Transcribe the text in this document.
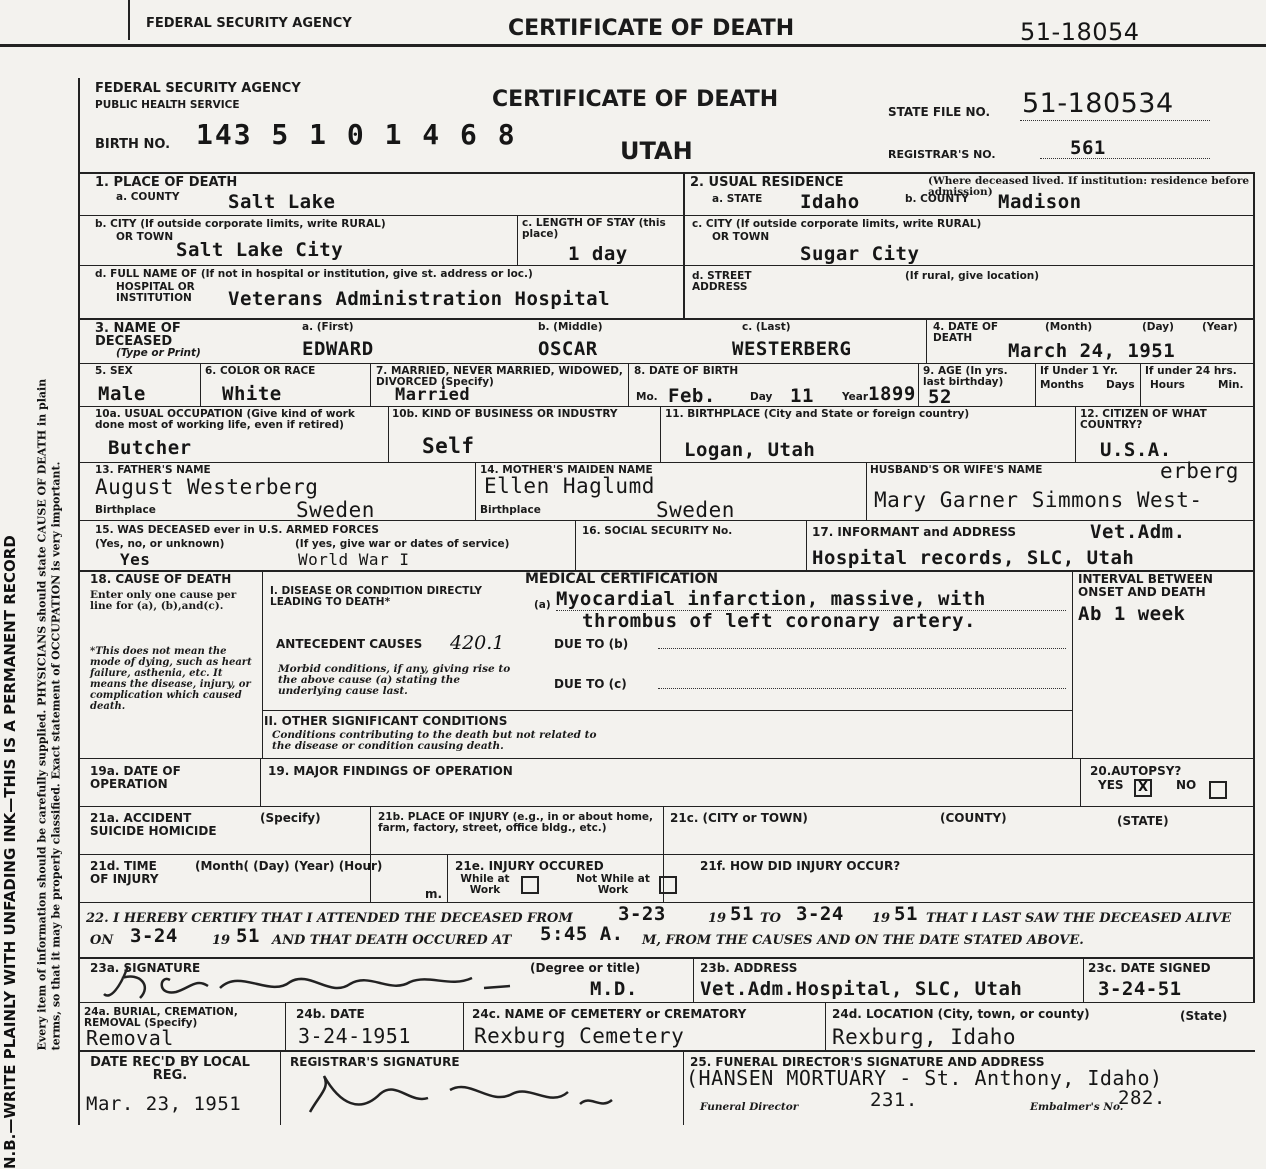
FEDERAL SECURITY AGENCY	CERTIFICATE OF DEATH	51-18054
N.B.—WRITE PLAINLY WITH UNFADING INK—THIS IS A PERMANENT RECORD Every item of information should be carefully supplied. PHYSICIANS should state CAUSE OF DEATH in plain terms, so that it may be properly classified. Exact statement of OCCUPATION is very important.
FEDERAL SECURITY AGENCY
PUBLIC HEALTH SERVICE	CERTIFICATE OF DEATH	STATE FILE NO. 51-180534
BIRTH NO. 143 5 1 0 1 4 6 8	UTAH	REGISTRAR'S NO.	561
1. PLACE OF DEATH
a. COUNTY	Salt Lake
b. CITY (If outside corporate limits, write RURAL)
OR TOWN
Salt Lake City
c. LENGTH OF STAY (this place)
1 day
d. FULL NAME OF (If not in hospital or institution, give st. address or loc.)
HOSPITAL OR INSTITUTION	Veterans Administration Hospital
2. USUAL RESIDENCE	(Where deceased lived. If institution: residence before admission)
a. STATE Idaho	b. COUNTY Madison
c. CITY (If outside corporate limits, write RURAL)
OR TOWN
Sugar City
d. STREET ADDRESS
(If rural, give location)
3. NAME OF DECEASED
(Type or Print)
a. (First)
EDWARD
b. (Middle)
OSCAR
c. (Last)
WESTERBERG
4. DATE OF DEATH
(Month)	(Day)	(Year)
March 24, 1951
5. SEX
Male
6. COLOR OR RACE
White
7. MARRIED, NEVER MARRIED, WIDOWED, DIVORCED (Specify)
Married
8. DATE OF BIRTH
Mo. Feb.	Day 11	Year 1899
9. AGE (In yrs. last birthday)
52
If Under 1 Yr.
Months Days
If under 24 hrs.
Hours	Min.
10a. USUAL OCCUPATION (Give kind of work done most of working life, even if retired)
Butcher
10b. KIND OF BUSINESS OR INDUSTRY
Self
11. BIRTHPLACE (City and State or foreign country)
Logan, Utah
12. CITIZEN OF WHAT COUNTRY?
U.S.A.
13. FATHER'S NAME
August Westerberg
Birthplace	Sweden
14. MOTHER'S MAIDEN NAME
Ellen Haglumd
Birthplace	Sweden
HUSBAND'S OR WIFE'S NAME	erberg
Mary Garner Simmons West-
15. WAS DECEASED ever in U.S. ARMED FORCES
(Yes, no, or unknown)
Yes
(If yes, give war or dates of service)
World War I
16. SOCIAL SECURITY No.	17. INFORMANT and ADDRESS	Vet.Adm.
Hospital records, SLC, Utah
MEDICAL CERTIFICATION
18. CAUSE OF DEATH
Enter only one cause per line for (a), (b),and(c).
*This does not mean the mode of dying, such as heart failure, asthenia, etc. It means the disease, injury, or complication which caused death.
I. DISEASE OR CONDITION DIRECTLY LEADING TO DEATH*	(a) Myocardial infarction, massive, with
thrombus of left coronary artery.
ANTECEDENT CAUSES 420.1	DUE TO (b)
Morbid conditions, if any, giving rise to the above cause (a) stating the underlying cause last.	DUE TO (c)
II. OTHER SIGNIFICANT CONDITIONS
Conditions contributing to the death but not related to the disease or condition causing death.
INTERVAL BETWEEN ONSET AND DEATH
Ab 1 week
19a. DATE OF OPERATION
19. MAJOR FINDINGS OF OPERATION	20.AUTOPSY?
YES	X	NO
21a. ACCIDENT SUICIDE HOMICIDE
(Specify)	21b. PLACE OF INJURY (e.g., in or about home, farm, factory, street, office bldg., etc.)
21c. (CITY or TOWN)	(COUNTY)	(STATE)
21d. TIME OF INJURY
(Month( (Day) (Year) (Hour)
m.
21e. INJURY OCCURED
While at Work
Not While at Work
21f. HOW DID INJURY OCCUR?
22. I HEREBY CERTIFY THAT I ATTENDED THE DECEASED FROM 3-23	19 51 TO 3-24 19 51 THAT I LAST SAW THE DECEASED ALIVE
ON 3-24	19 51 AND THAT DEATH OCCURED AT 5:45 A. M, FROM THE CAUSES AND ON THE DATE STATED ABOVE.
23a. SIGNATURE	(Degree or title)
M.D.
23b. ADDRESS
Vet.Adm.Hospital, SLC, Utah
23c. DATE SIGNED
3-24-51
24a. BURIAL, CREMATION, REMOVAL (Specify)
Removal
24b. DATE
3-24-1951
24c. NAME OF CEMETERY or CREMATORY
Rexburg Cemetery
24d. LOCATION (City, town, or county)	(State)
Rexburg, Idaho
DATE REC'D BY LOCAL REG.
Mar. 23, 1951
REGISTRAR'S SIGNATURE	25. FUNERAL DIRECTOR'S SIGNATURE AND ADDRESS
(HANSEN MORTUARY - St. Anthony, Idaho)
Funeral Director	231.	Embalmer's No.
282.
